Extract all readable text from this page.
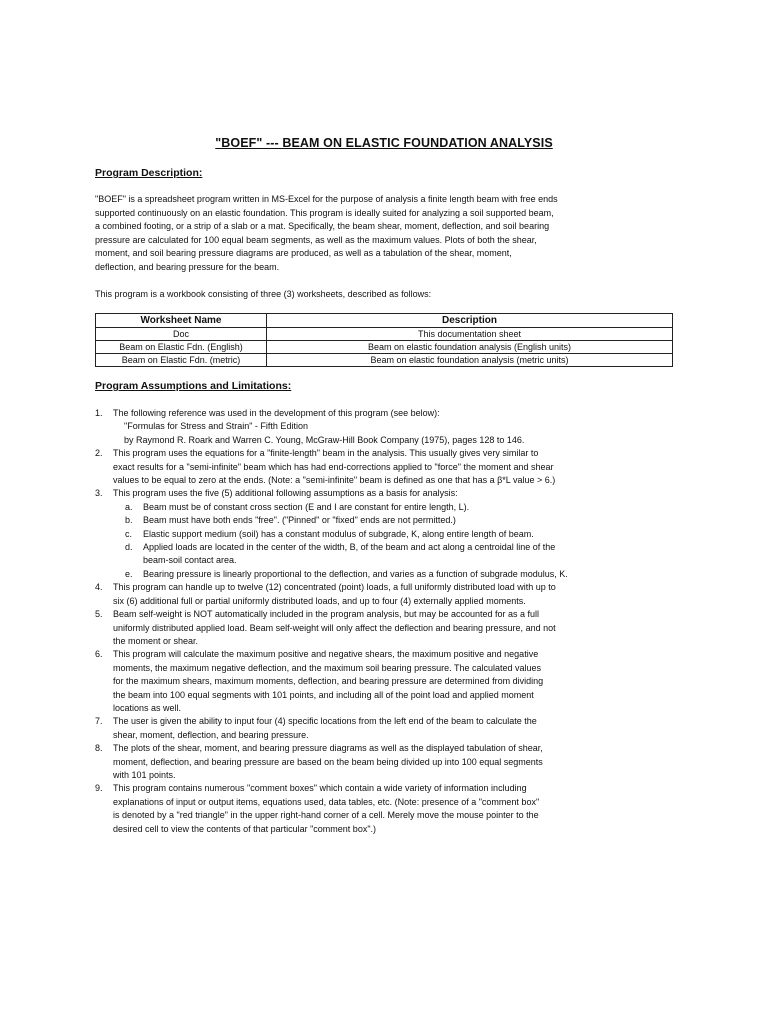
"BOEF" --- BEAM ON ELASTIC FOUNDATION ANALYSIS
Program Description:
"BOEF" is a spreadsheet program written in MS-Excel for the purpose of analysis a finite length beam with free ends
supported continuously on an elastic foundation. This program is ideally suited for analyzing a soil supported beam,
a combined footing, or a strip of a slab or a mat. Specifically, the beam shear, moment, deflection, and soil bearing
pressure are calculated for 100 equal beam segments, as well as the maximum values. Plots of both the shear,
moment, and soil bearing pressure diagrams are produced, as well as a tabulation of the shear, moment,
deflection, and bearing pressure for the beam.
This program is a workbook consisting of three (3) worksheets, described as follows:
Worksheet Name	Description
Doc	This documentation sheet
Beam on Elastic Fdn. (English)	Beam on elastic foundation analysis (English units)
Beam on Elastic Fdn. (metric)	Beam on elastic foundation analysis (metric units)
Program Assumptions and Limitations:
1. The following reference was used in the development of this program (see below):
"Formulas for Stress and Strain" - Fifth Edition
by Raymond R. Roark and Warren C. Young, McGraw-Hill Book Company (1975), pages 128 to 146.
2. This program uses the equations for a "finite-length" beam in the analysis. This usually gives very similar to
exact results for a "semi-infinite" beam which has had end-corrections applied to "force" the moment and shear
values to be equal to zero at the ends. (Note: a "semi-infinite" beam is defined as one that has a β*L value > 6.)
3. This program uses the five (5) additional following assumptions as a basis for analysis:
a. Beam must be of constant cross section (E and I are constant for entire length, L).
b. Beam must have both ends "free". ("Pinned" or "fixed" ends are not permitted.)
c. Elastic support medium (soil) has a constant modulus of subgrade, K, along entire length of beam.
d. Applied loads are located in the center of the width, B, of the beam and act along a centroidal line of the
beam-soil contact area.
e. Bearing pressure is linearly proportional to the deflection, and varies as a function of subgrade modulus, K.
4. This program can handle up to twelve (12) concentrated (point) loads, a full uniformly distributed load with up to
six (6) additional full or partial uniformly distributed loads, and up to four (4) externally applied moments.
5. Beam self-weight is NOT automatically included in the program analysis, but may be accounted for as a full
uniformly distributed applied load. Beam self-weight will only affect the deflection and bearing pressure, and not
the moment or shear.
6. This program will calculate the maximum positive and negative shears, the maximum positive and negative
moments, the maximum negative deflection, and the maximum soil bearing pressure. The calculated values
for the maximum shears, maximum moments, deflection, and bearing pressure are determined from dividing
the beam into 100 equal segments with 101 points, and including all of the point load and applied moment
locations as well.
7. The user is given the ability to input four (4) specific locations from the left end of the beam to calculate the
shear, moment, deflection, and bearing pressure.
8. The plots of the shear, moment, and bearing pressure diagrams as well as the displayed tabulation of shear,
moment, deflection, and bearing pressure are based on the beam being divided up into 100 equal segments
with 101 points.
9. This program contains numerous "comment boxes" which contain a wide variety of information including
explanations of input or output items, equations used, data tables, etc. (Note: presence of a "comment box"
is denoted by a "red triangle" in the upper right-hand corner of a cell. Merely move the mouse pointer to the
desired cell to view the contents of that particular "comment box".)
